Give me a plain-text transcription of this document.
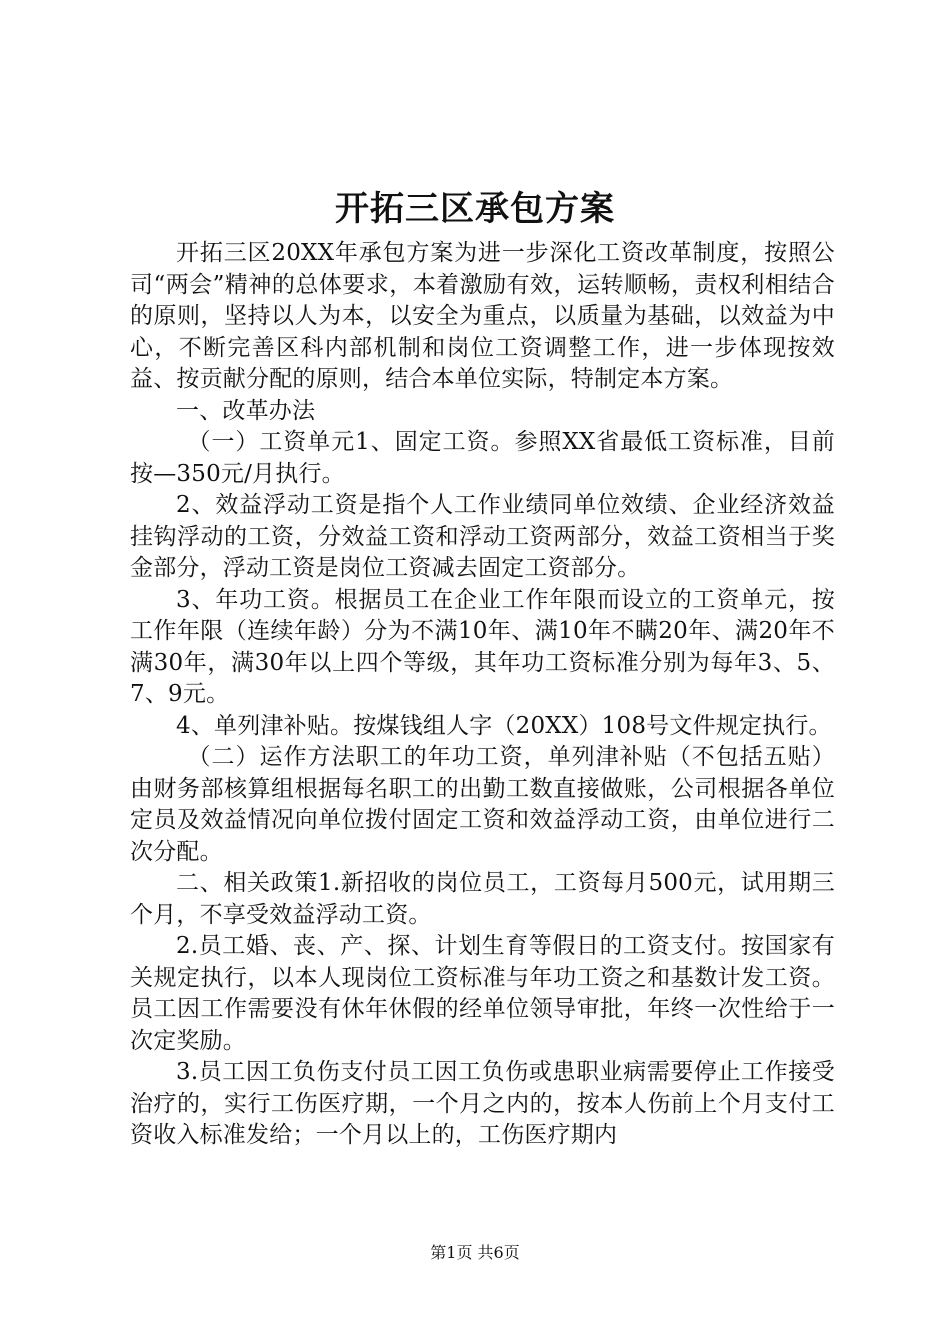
开拓三区承包方案

开拓三区20XX年承包方案为进一步深化工资改革制度，按照公司“两会”精神的总体要求，本着激励有效，运转顺畅，责权利相结合的原则，坚持以人为本，以安全为重点，以质量为基础，以效益为中心，不断完善区科内部机制和岗位工资调整工作，进一步体现按效益、按贡献分配的原则，结合本单位实际，特制定本方案。

一、改革办法

（一）工资单元1、固定工资。参照XX省最低工资标准，目前按—350元/月执行。

2、效益浮动工资是指个人工作业绩同单位效绩、企业经济效益挂钩浮动的工资，分效益工资和浮动工资两部分，效益工资相当于奖金部分，浮动工资是岗位工资减去固定工资部分。

3、年功工资。根据员工在企业工作年限而设立的工资单元，按工作年限（连续年龄）分为不满10年、满10年不瞒20年、满20年不满30年，满30年以上四个等级，其年功工资标准分别为每年3、5、7、9元。

4、单列津补贴。按煤钱组人字（20XX）108号文件规定执行。

（二）运作方法职工的年功工资，单列津补贴（不包括五贴）由财务部核算组根据每名职工的出勤工数直接做账，公司根据各单位定员及效益情况向单位拨付固定工资和效益浮动工资，由单位进行二次分配。

二、相关政策1.新招收的岗位员工，工资每月500元，试用期三个月，不享受效益浮动工资。

2.员工婚、丧、产、探、计划生育等假日的工资支付。按国家有关规定执行，以本人现岗位工资标准与年功工资之和基数计发工资。员工因工作需要没有休年休假的经单位领导审批，年终一次性给于一次定奖励。

3.员工因工负伤支付员工因工负伤或患职业病需要停止工作接受治疗的，实行工伤医疗期，一个月之内的，按本人伤前上个月支付工资收入标准发给；一个月以上的，工伤医疗期内

第1页 共6页
